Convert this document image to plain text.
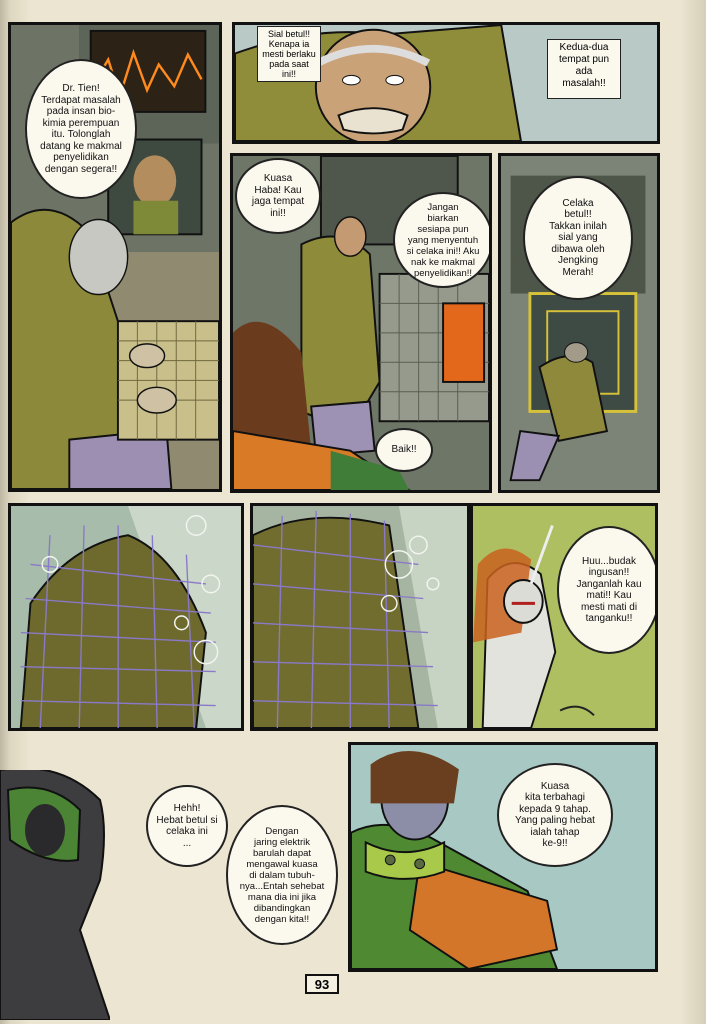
Dr. Tien!
Terdapat masalah
pada insan bio-
kimia perempuan
itu. Tolonglah
datang ke makmal
penyelidikan
dengan segera!!
Sial betul!!
Kenapa ia
mesti berlaku
pada saat
ini!!
Kedua-dua
tempat pun
ada
masalah!!
Kuasa
Haba! Kau
jaga tempat
ini!!
Jangan
biarkan
sesiapa pun
yang menyentuh
si celaka ini!! Aku
nak ke makmal
penyelidikan!!
Baik!!
Celaka
betul!!
Takkan inilah
sial yang
dibawa oleh
Jengking
Merah!
Huu...budak
ingusan!!
Janganlah kau
mati!! Kau
mesti mati di
tanganku!!
Hehh!
Hebat betul si
celaka ini
...
Dengan
jaring elektrik
barulah dapat
mengawal kuasa
di dalam tubuh-
nya...Entah sehebat
mana dia ini jika
dibandingkan
dengan kita!!
Kuasa
kita terbahagi
kepada 9 tahap.
Yang paling hebat
ialah tahap
ke-9!!
93
